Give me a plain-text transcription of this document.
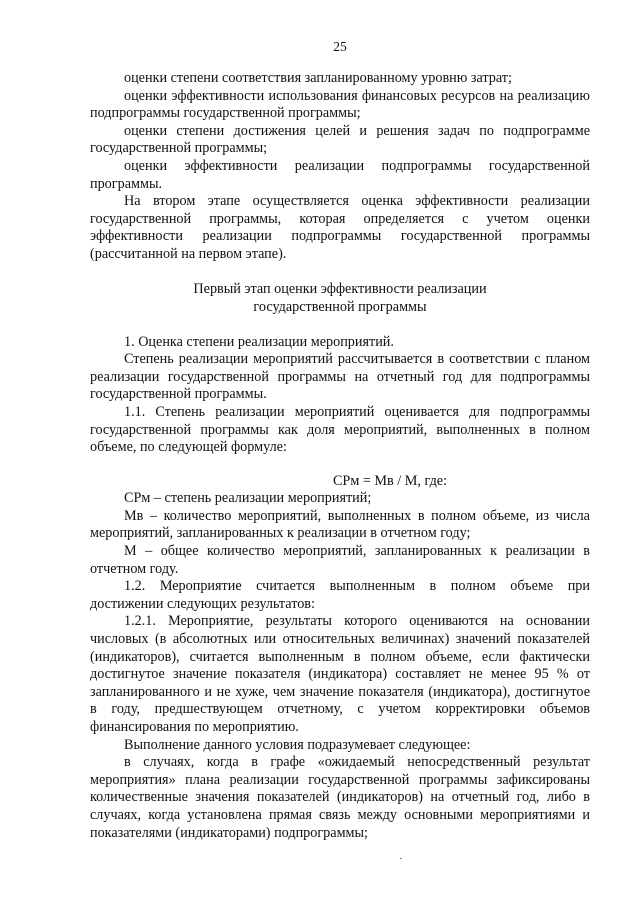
25

оценки степени соответствия запланированному уровню затрат;

оценки эффективности использования финансовых ресурсов на реализацию подпрограммы государственной программы;

оценки степени достижения целей и решения задач по подпрограмме государственной программы;

оценки эффективности реализации подпрограммы государственной программы.

На втором этапе осуществляется оценка эффективности реализации государственной программы, которая определяется с учетом оценки эффективности реализации подпрограммы государственной программы (рассчитанной на первом этапе).

Первый этап оценки эффективности реализации
государственной программы

1. Оценка степени реализации мероприятий.

Степень реализации мероприятий рассчитывается в соответствии с планом реализации государственной программы на отчетный год для подпрограммы государственной программы.

1.1. Степень реализации мероприятий оценивается для подпрограммы государственной программы как доля мероприятий, выполненных в полном объеме, по следующей формуле:

СРм = Мв / М, где:

СРм – степень реализации мероприятий;

Мв – количество мероприятий, выполненных в полном объеме, из числа мероприятий, запланированных к реализации в отчетном году;

М – общее количество мероприятий, запланированных к реализации в отчетном году.

1.2. Мероприятие считается выполненным в полном объеме при достижении следующих результатов:

1.2.1. Мероприятие, результаты которого оцениваются на основании числовых (в абсолютных или относительных величинах) значений показателей (индикаторов), считается выполненным в полном объеме, если фактически достигнутое значение показателя (индикатора) составляет не менее 95 % от запланированного и не хуже, чем значение показателя (индикатора), достигнутое в году, предшествующем отчетному, с учетом корректировки объемов финансирования по мероприятию.

Выполнение данного условия подразумевает следующее:

в случаях, когда в графе «ожидаемый непосредственный результат мероприятия» плана реализации государственной программы зафиксированы количественные значения показателей (индикаторов) на отчетный год, либо в случаях, когда установлена прямая связь между основными мероприятиями и показателями (индикаторами) подпрограммы;
